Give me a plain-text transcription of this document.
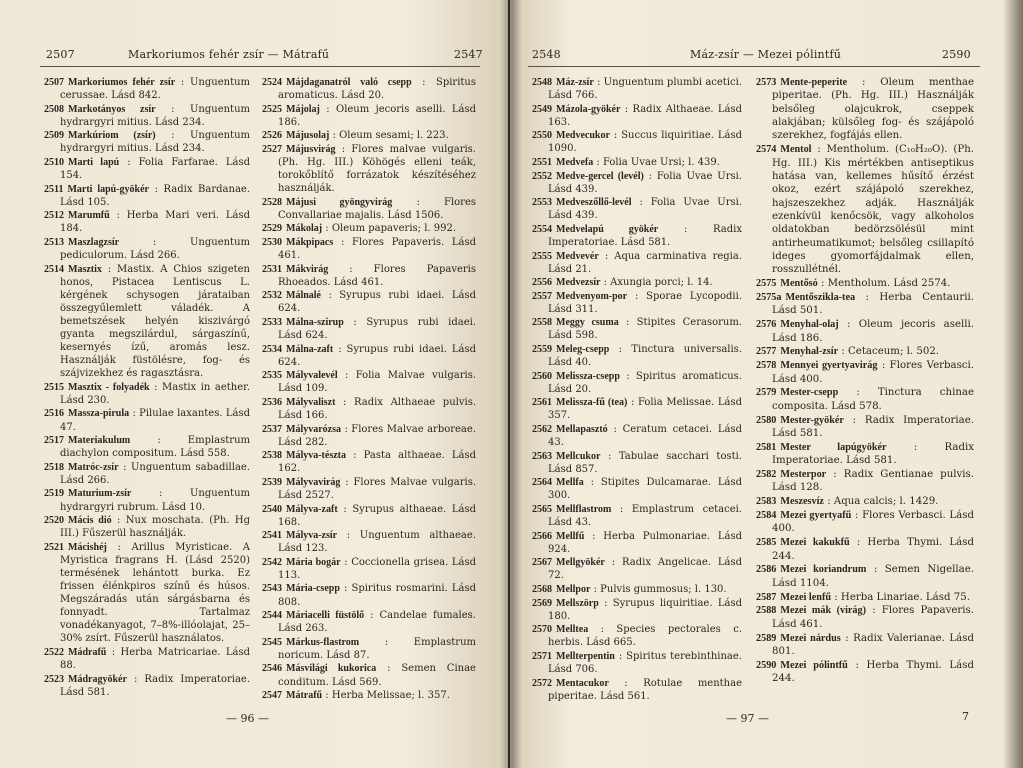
2507	Markoriumos fehér zsír — Mátrafű	2547

2507 Markoriumos fehér zsír : Unguentum cerussae. Lásd 842.

2508 Markotányos zsír : Unguentum hydrargyri mitius. Lásd 234.

2509 Markúriom (zsír) : Unguentum hydrargyri mitius. Lásd 234.

2510 Marti lapú : Folia Farfarae. Lásd 154.

2511 Marti lapú-gyökér : Radix Bardanae. Lásd 105.

2512 Marumfű : Herba Mari veri. Lásd 184.

2513 Maszlagzsír	: Unguentum pediculorum. Lásd 266.

2514 Masztix : Mastix. A Chios szigeten honos, Pistacea Lentiscus L. kérgének schysogen járataiban összegyűlemlett váladék. A bemetszések helyén kiszivárgó gyanta megszilárdul, sárgaszínű, kesernyés ízű, aromás lesz. Használják füstölésre, fog- és szájvizekhez és ragasztásra.

2515 Masztix - folyadék : Mastix in aether. Lásd 230.

2516 Massza-pirula : Pilulae laxantes. Lásd 47.

2517 Materiakulum	: Emplastrum diachylon compositum. Lásd 558.

2518 Matróc-zsír : Unguentum sabadillae. Lásd 266.

2519 Maturium-zsír	: Unguentum hydrargyri rubrum. Lásd 10.

2520 Mácis dió : Nux moschata. (Ph. Hg III.) Fűszerül használják.

2521 Mácishéj : Arillus Myristicae. A Myristica fragrans H. (Lásd 2520) termésének lehántott burka. Ez frissen élénkpiros színű és húsos. Megszáradás után sárgásbarna és fonnyadt. Tartalmaz vonadékanyagot, 7–8%-illóolajat, 25–30% zsírt. Fűszerül használatos.

2522 Mádrafű : Herba Matricariae. Lásd 88.

2523 Mádragyökér : Radix Imperatoriae. Lásd 581.

2524 Májdaganatról való csepp : Spiritus aromaticus. Lásd 20.

2525 Májolaj : Oleum jecoris aselli. Lásd 186.

2526 Májusolaj : Oleum sesami; l. 223.

2527 Májusvirág : Flores malvae vulgaris. (Ph. Hg. III.) Köhögés elleni teák, torokőblítő forrázatok készítéséhez használják.

2528 Májusi gyöngyvirág : Flores Convallariae majalis. Lásd 1506.

2529 Mákolaj : Oleum papaveris; l. 992.

2530 Mákpipacs : Flores Papaveris. Lásd 461.

2531 Mákvirág : Flores Papaveris Rhoeados. Lásd 461.

2532 Málnalé : Syrupus rubi idaei. Lásd 624.

2533 Málna-szirup : Syrupus rubi idaei. Lásd 624.

2534 Málna-zaft : Syrupus rubi idaei. Lásd 624.

2535 Mályvalevél : Folia Malvae vulgaris. Lásd 109.

2536 Mályvaliszt : Radix Althaeae pulvis. Lásd 166.

2537 Mályvarózsa : Flores Malvae arboreae. Lásd 282.

2538 Mályva-tészta : Pasta althaeae. Lásd 162.

2539 Mályvavirág : Flores Malvae vulgaris. Lásd 2527.

2540 Mályva-zaft : Syrupus althaeae. Lásd 168.

2541 Mályva-zsír : Unguentum althaeae. Lásd 123.

2542 Mária bogár : Coccionella grisea. Lásd 113.

2543 Mária-csepp : Spiritus rosmarini. Lásd 808.

2544 Máriacelli füstölő : Candelae fumales. Lásd 263.

2545 Márkus-flastrom	: Emplastrum noricum. Lásd 87.

2546 Másvilági kukorica : Semen Cinae conditum. Lásd 569.

2547 Mátrafű : Herba Melissae; l. 357.

— 96 —
2548	Máz-zsír — Mezei pólintfű	2590

2548 Máz-zsír : Unguentum plumbi acetici. Lásd 766.

2549 Mázola-gyökér : Radix Althaeae. Lásd 163.

2550 Medvecukor : Succus liquiritiae. Lásd 1090.

2551 Medvefa : Folia Uvae Ursi; l. 439.

2552 Medve-gercel (levél) : Folia Uvae Ursi. Lásd 439.

2553 Medveszőllő-levél : Folia Uvae Ursi. Lásd 439.

2554 Medvelapú gyökér	: Radix Imperatoriae. Lásd 581.

2555 Medvevér : Aqua carminativa regia. Lásd 21.

2556 Medvezsír : Axungia porci; l. 14.

2557 Medvenyom-por : Sporae Lycopodii. Lásd 311.

2558 Meggy csuma : Stipites Cerasorum. Lásd 598.

2559 Meleg-csepp : Tinctura universalis. Lásd 40.

2560 Melissza-csepp : Spiritus aromaticus. Lásd 20.

2561 Melissza-fű (tea) : Folia Melissae. Lásd 357.

2562 Mellapasztó : Ceratum cetacei. Lásd 43.

2563 Mellcukor : Tabulae sacchari tosti. Lásd 857.

2564 Mellfa : Stipites Dulcamarae. Lásd 300.

2565 Mellflastrom : Emplastrum cetacei. Lásd 43.

2566 Mellfű : Herba Pulmonariae. Lásd 924.

2567 Mellgyökér : Radix Angelicae. Lásd 72.

2568 Mellpor : Pulvis gummosus; l. 130.

2569 Mellszörp : Syrupus liquiritiae. Lásd 180.

2570 Melltea : Species pectorales c. herbis. Lásd 665.

2571 Mellterpentin : Spiritus terebinthinae. Lásd 706.

2572 Mentacukor : Rotulae menthae piperitae. Lásd 561.

2573 Mente-peperite : Oleum menthae piperitae. (Ph. Hg. III.) Használják belsőleg olajcukrok, cseppek alakjában; külsőleg fog- és szájápoló szerekhez, fogfájás ellen.

2574 Mentol : Mentholum. (C₁₀H₂₀O). (Ph. Hg. III.) Kis mértékben antiseptikus hatása van, kellemes hűsítő érzést okoz, ezért szájápoló szerekhez, hajszeszekhez adják. Használják ezenkívül kenőcsök, vagy alkoholos oldatokban bedörzsölésül mint antirheumatikumot; belsőleg csillapító ideges gyomorfájdalmak ellen, rosszullétnél.

2575 Mentősó : Mentholum. Lásd 2574.

2575a Mentőszikla-tea : Herba Centaurii. Lásd 501.

2576 Menyhal-olaj : Oleum jecoris aselli. Lásd 186.

2577 Menyhal-zsír : Cetaceum; l. 502.

2578 Mennyei gyertyavirág : Flores Verbasci. Lásd 400.

2579 Mester-csepp : Tinctura chinae composita. Lásd 578.

2580 Mester-gyökér : Radix Imperatoriae. Lásd 581.

2581 Mester lapúgyökér	: Radix Imperatoriae. Lásd 581.

2582 Mesterpor : Radix Gentianae pulvis. Lásd 128.

2583 Meszesvíz : Aqua calcis; l. 1429.

2584 Mezei gyertyafű : Flores Verbasci. Lásd 400.

2585 Mezei kakukfű : Herba Thymi. Lásd 244.

2586 Mezei koriandrum : Semen Nigellae. Lásd 1104.

2587 Mezei lenfű : Herba Linariae. Lásd 75.

2588 Mezei mák (virág) : Flores Papaveris. Lásd 461.

2589 Mezei nárdus : Radix Valerianae. Lásd 801.

2590 Mezei pólintfű : Herba Thymi. Lásd 244.

— 97 —	7
